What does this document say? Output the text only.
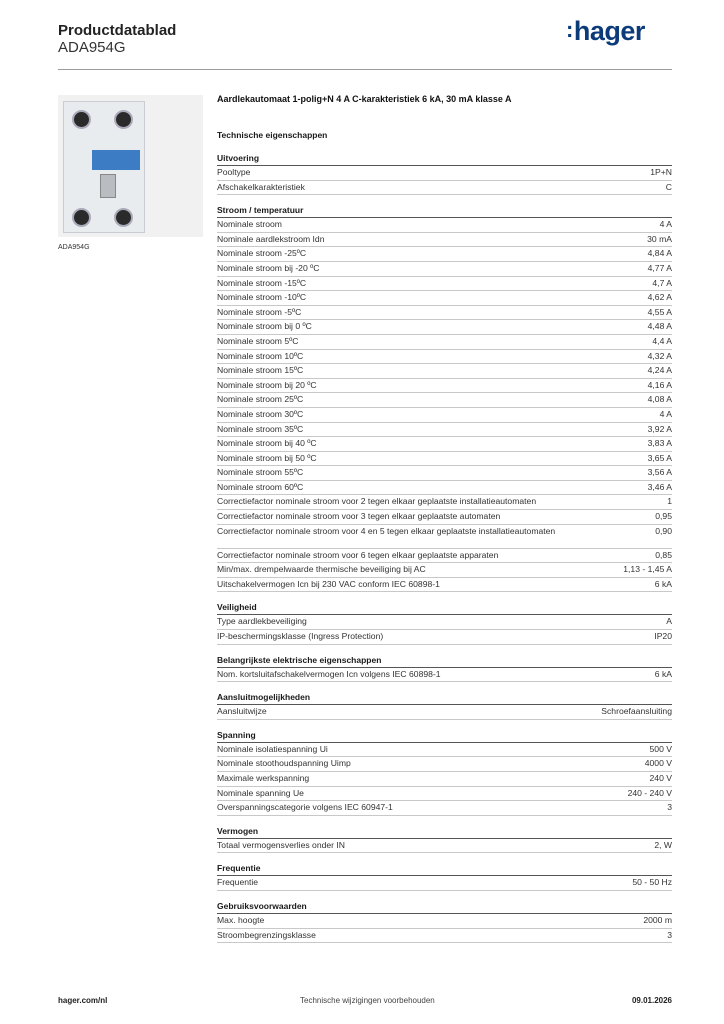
Productdatablad
ADA954G
:hager
ADA954G
Aardlekautomaat 1-polig+N 4 A C-karakteristiek 6 kA, 30 mA klasse A
Technische eigenschappen
Uitvoering
Pooltype	1P+N
Afschakelkarakteristiek	C
Stroom / temperatuur
Nominale stroom	4 A
Nominale aardlekstroom Idn	30 mA
Nominale stroom -25ºC	4,84 A
Nominale stroom bij -20 ºC	4,77 A
Nominale stroom -15ºC	4,7 A
Nominale stroom -10ºC	4,62 A
Nominale stroom -5ºC	4,55 A
Nominale stroom bij 0 ºC	4,48 A
Nominale stroom 5ºC	4,4 A
Nominale stroom 10ºC	4,32 A
Nominale stroom 15ºC	4,24 A
Nominale stroom bij 20 ºC	4,16 A
Nominale stroom 25ºC	4,08 A
Nominale stroom 30ºC	4 A
Nominale stroom 35ºC	3,92 A
Nominale stroom bij 40 ºC	3,83 A
Nominale stroom bij 50 ºC	3,65 A
Nominale stroom 55ºC	3,56 A
Nominale stroom 60ºC	3,46 A
Correctiefactor nominale stroom voor 2 tegen elkaar geplaatste installatieautomaten	1
Correctiefactor nominale stroom voor 3 tegen elkaar geplaatste automaten	0,95
Correctiefactor nominale stroom voor 4 en 5 tegen elkaar geplaatste installatieautomaten	0,90
Correctiefactor nominale stroom voor 6 tegen elkaar geplaatste apparaten	0,85
Min/max. drempelwaarde thermische beveiliging bij AC	1,13 - 1,45 A
Uitschakelvermogen Icn bij 230 VAC conform IEC 60898-1	6 kA
Veiligheid
Type aardlekbeveiliging	A
IP-beschermingsklasse (Ingress Protection)	IP20
Belangrijkste elektrische eigenschappen
Nom. kortsluitafschakelvermogen Icn volgens IEC 60898-1	6 kA
Aansluitmogelijkheden
Aansluitwijze	Schroefaansluiting
Spanning
Nominale isolatiespanning Ui	500 V
Nominale stoothoudspanning Uimp	4000 V
Maximale werkspanning	240 V
Nominale spanning Ue	240 - 240 V
Overspanningscategorie volgens IEC 60947-1	3
Vermogen
Totaal vermogensverlies onder IN	2, W
Frequentie
Frequentie	50 - 50 Hz
Gebruiksvoorwaarden
Max. hoogte	2000 m
Stroombegrenzingsklasse	3
hager.com/nl	Technische wijzigingen voorbehouden	09.01.2026
